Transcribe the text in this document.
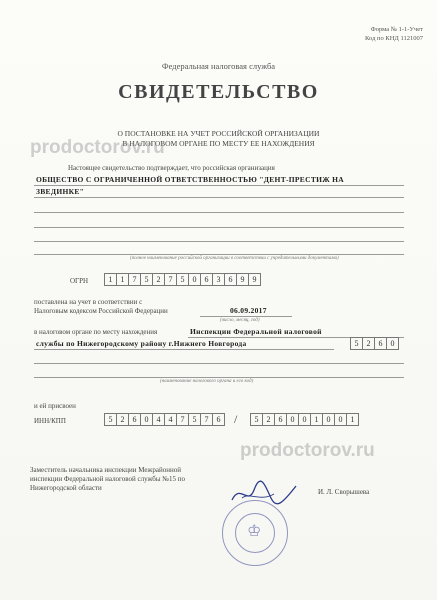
Форма № 1-1-Учет
Код по КНД 1121007
Федеральная налоговая служба
СВИДЕТЕЛЬСТВО
О ПОСТАНОВКЕ НА УЧЕТ РОССИЙСКОЙ ОРГАНИЗАЦИИ
В НАЛОГОВОМ ОРГАНЕ ПО МЕСТУ ЕЕ НАХОЖДЕНИЯ
prodoctorov.ru
Настоящее свидетельство подтверждает, что российская организация
ОБЩЕСТВО С ОГРАНИЧЕННОЙ ОТВЕТСТВЕННОСТЬЮ "ДЕНТ-ПРЕСТИЖ НА
ЗВЕДИНКЕ"
(полное наименование российской организации в соответствии с учредительными документами)
ОГРН	1	1	7	5	2	7	5	0	6	3	6	9	9
поставлена на учет в соответствии с
Налоговым кодексом Российской Федерации	06.09.2017
(число, месяц, год)
в налоговом органе по месту нахождения	Инспекции Федеральной налоговой
службы по Нижегородскому району г.Нижнего Новгорода	5	2	6	0
(наименование налогового органа и его код)
и ей присвоен
ИНН/КПП	5	2	6	0	4	4	7	5	7	6	/	5	2	6	0	0	1	0	0	1
prodoctorov.ru
Заместитель начальника инспекции Межрайонной
инспекции Федеральной налоговой службы №15 по
Нижегородской области
♔
И. Л. Сворышева
